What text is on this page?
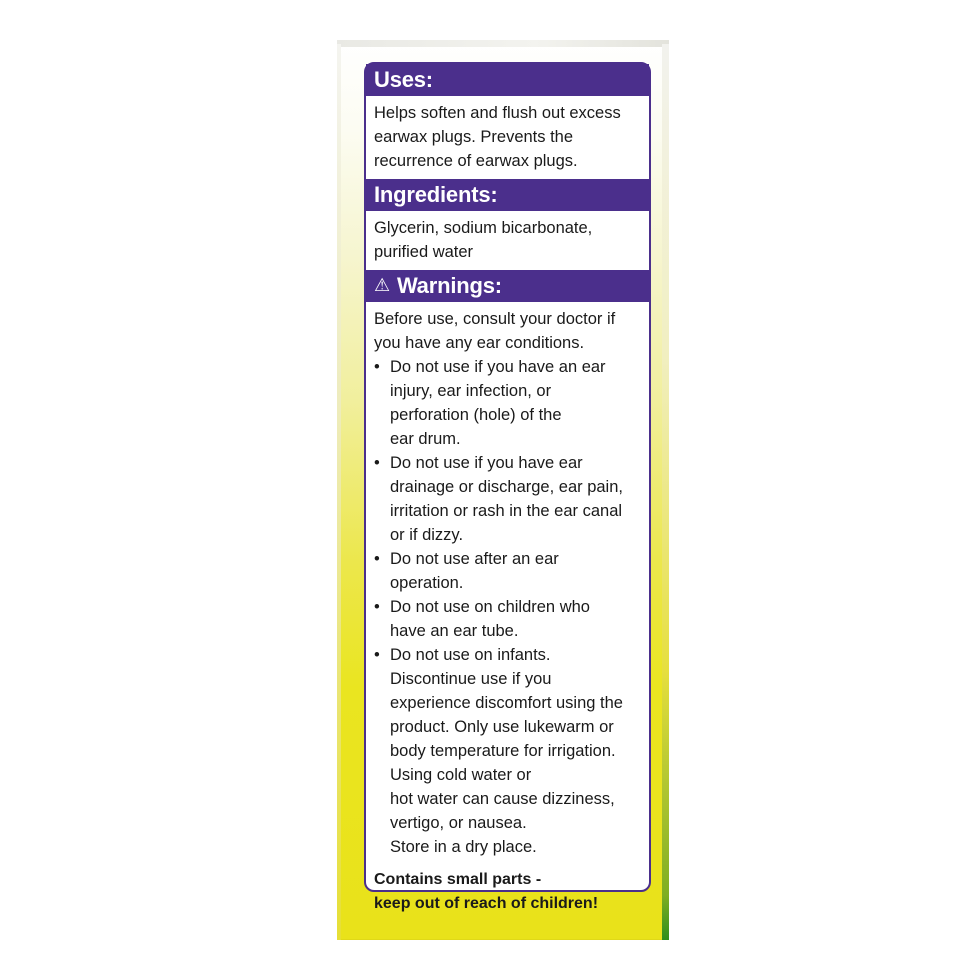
Uses:

Helps soften and flush out excess

earwax plugs. Prevents the

recurrence of earwax plugs.

Ingredients:

Glycerin, sodium bicarbonate,

purified water

⚠ Warnings:

Before use, consult your doctor if

you have any ear conditions.

• Do not use if you have an ear
injury, ear infection, or
perforation (hole) of the
ear drum.
• Do not use if you have ear
drainage or discharge, ear pain,
irritation or rash in the ear canal
or if dizzy.
• Do not use after an ear
operation.
• Do not use on children who
have an ear tube.
• Do not use on infants.
Discontinue use if you
experience discomfort using the
product. Only use lukewarm or
body temperature for irrigation.
Using cold water or
hot water can cause dizziness,
vertigo, or nausea.
Store in a dry place.
Contains small parts -
keep out of reach of children!
